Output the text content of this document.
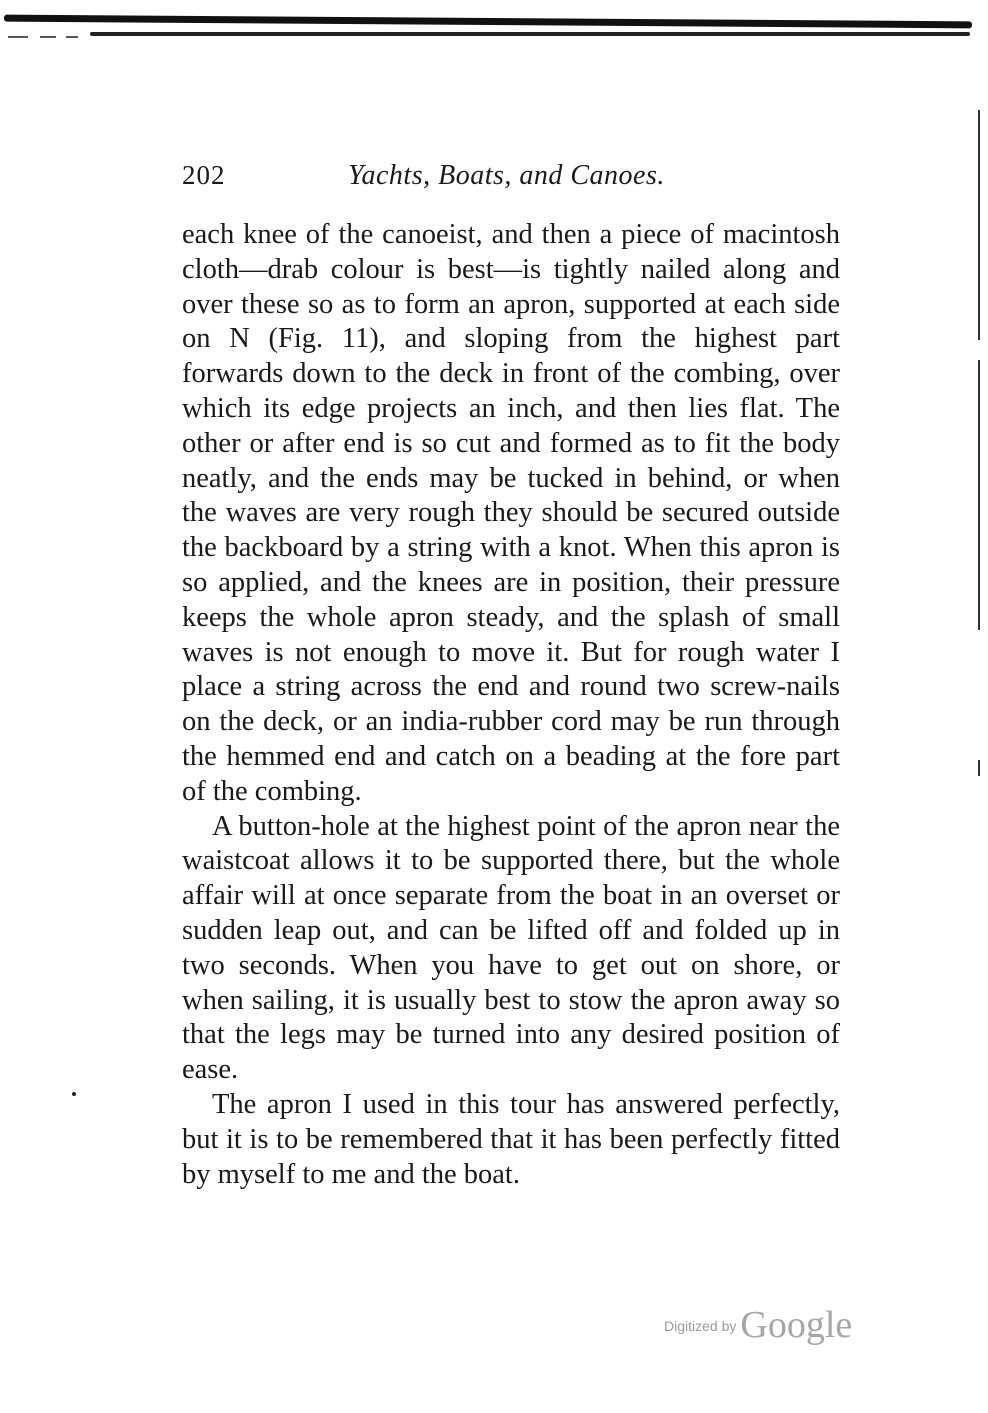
202	Yachts, Boats, and Canoes.

each knee of the canoeist, and then a piece of macintosh cloth—drab colour is best—is tightly nailed along and over these so as to form an apron, supported at each side on N (Fig. 11), and sloping from the highest part forwards down to the deck in front of the combing, over which its edge projects an inch, and then lies flat. The other or after end is so cut and formed as to fit the body neatly, and the ends may be tucked in behind, or when the waves are very rough they should be secured outside the backboard by a string with a knot. When this apron is so applied, and the knees are in position, their pressure keeps the whole apron steady, and the splash of small waves is not enough to move it. But for rough water I place a string across the end and round two screw-nails on the deck, or an india-rubber cord may be run through the hemmed end and catch on a beading at the fore part of the combing.

A button-hole at the highest point of the apron near the waistcoat allows it to be supported there, but the whole affair will at once separate from the boat in an overset or sudden leap out, and can be lifted off and folded up in two seconds. When you have to get out on shore, or when sailing, it is usually best to stow the apron away so that the legs may be turned into any desired position of ease.

The apron I used in this tour has answered perfectly, but it is to be remembered that it has been perfectly fitted by myself to me and the boat.

Digitized by Google
